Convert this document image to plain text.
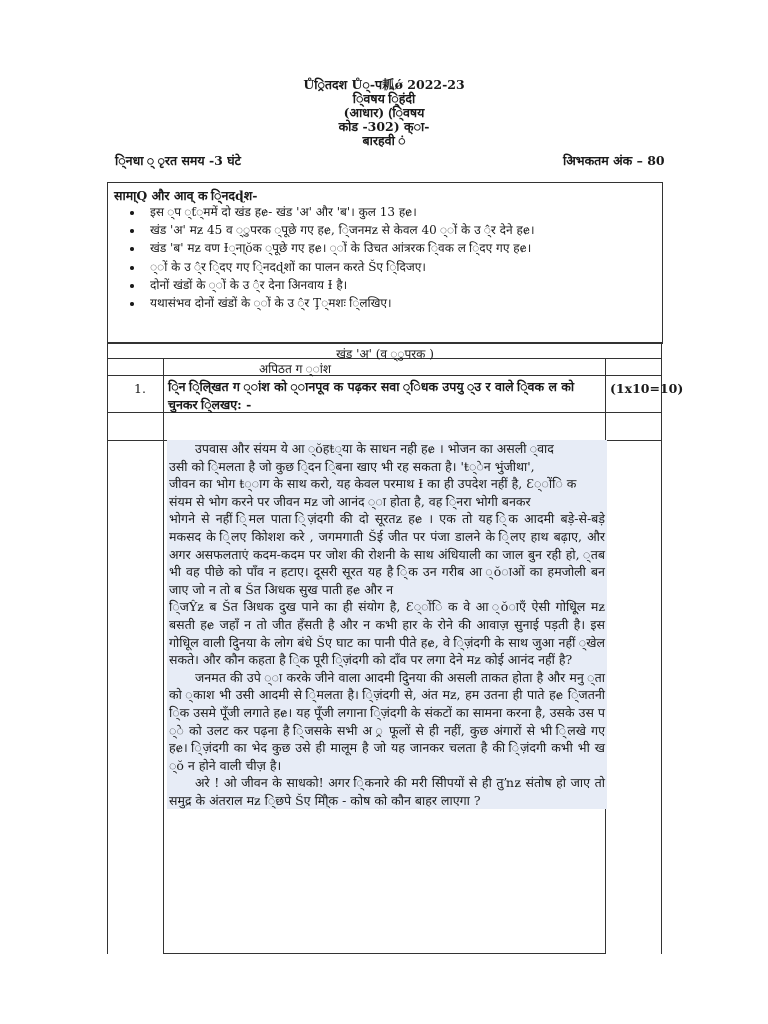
Ů्रितदश Ů्-प㼍ǿ 2022-23
ि्वषय ि्हंदी
(आधार) (ि्वषय
कोड -302) क्ा-
बारहवी ं
ि्नधा ् ृरत समय -3 घंटे	अिभकतम अंक – 80
सामा्Q और आव् क ि्नदɖश-
• इस ्प ्ƭ्ममें दो खंड हɇ- खंड 'अ' और 'ब'। कुल 13 हɇ।
• खंड 'अ' मƶ 45 व ्ुपरक ्पूछे गए हɇ, ि्जनमƶ से केवल 40 ्ों के उ ्̂र देने हɇ।
• खंड 'ब' मƶ वण Ɨ्ना्ŏक ्पूछे गए हɇ। ्ों के उिचत आंत्ररक ि्वक ल ि्दए गए हɇ।
• ्ों के उ ्̂र ि्दए गए ि्नदɖशों का पालन करते Šए ि्दिजए।
• दोनों खंडों के ्ों के उ ्̂र देना अिनवाय Ɨ है।
• यथासंभव दोनों खंडों के ्ों के उ ्̂र Ţ्मशः ि्लखिए।
खंड 'अ' (व ्ुपरक )
अपिठत ग ्ांश
1. ि्न ि्लि्खत ग ्ांश को ्ानपूव क पढ़कर सवा ्िधक उपयु ्उ र वाले ि्वक ल को चुनकर ि्लखए: -
(1x10=10)

उपवास और संयम ये आ ्ŏहŧ्या के साधन नही हɇ । भोजन का असली ्वाद

उसी को ि्मलता है जो कुछ ि्दन ि्बना खाए भी रह सकता है। 'ŧ्ेन भुंजीथा',

जीवन का भोग ŧ्ाग के साथ करो, यह केवल परमाथ Ɨ का ही उपदेश नहीं है, Ɛ्ोंि क

संयम से भोग करने पर जीवन मƶ जो आनंद ्ा होता है, वह ि्नरा भोगी बनकर

भोगने से नहीं ि्मल पाता ि्ज़ंदगी की दो सूरतƶ हɇ । एक तो यह ि्क आदमी बड़े-से-बड़े मकसद के ि्लए कोिशश करे , जगमगाती Šई जीत पर पंजा डालने के ि्लए हाथ बढ़ाए, और अगर असफलताएं कदम-कदम पर जोश की रोशनी के साथ अंधियाली का जाल बुन रही हो, ्तब भी वह पीछे को पाँव न हटाए। दूसरी सूरत यह है ि्क उन गरीब आ ्ŏाओं का हमजोली बन जाए जो न तो ब Šत अिधक सुख पाती हɇ और न

ि्जŶƶ ब Šत अिधक दुख पाने का ही संयोग है, Ɛ्ोंि क वे आ ्ŏाएँ ऐसी गोधूि्ल मƶ बसती हɇ जहाँ न तो जीत हँसती है और न कभी हार के रोने की आवाज़ सुनाई पड़ती है। इस गोधूिल वाली दुिनया के लोग बंधे Šए घाट का पानी पीते हɇ, वे ि्ज़ंदगी के साथ जुआ नहीं ्खेल सकते। और कौन कहता है ि्क पूरी ि्ज़ंदगी को दाँव पर लगा देने मƶ कोई आनंद नहीं है?

जनमत की उपे ्ा करके जीने वाला आदमी दुिनया की असली ताकत होता है और मनु ्ता को ्काश भी उसी आदमी से ि्मलता है। ि्ज़ंदगी से, अंत मƶ, हम उतना ही पाते हɇ ि्जतनी ि्क उसमे पूँजी लगाते हɇ। यह पूँजी लगाना ि्ज़ंदगी के संकटों का सामना करना है, उसके उस प ्े को उलट कर पढ़ना है ि्जसके सभी अ ्र फूलों से ही नहीं, कुछ अंगारों से भी ि्लखे गए हɇ। ि्ज़ंदगी का भेद कुछ उसे ही मालूम है जो यह जानकर चलता है की ि्ज़ंदगी कभी भी ख ्ŏ न होने वाली चीज़ है।

अरे ! ओ जीवन के साधको! अगर ि्कनारे की मरी सीिपयों से ही तुŉƶ संतोष हो जाए तो समुद्र के अंतराल मƶ ि्छपे Šए मौि्क - कोष को कौन बाहर लाएगा ?
